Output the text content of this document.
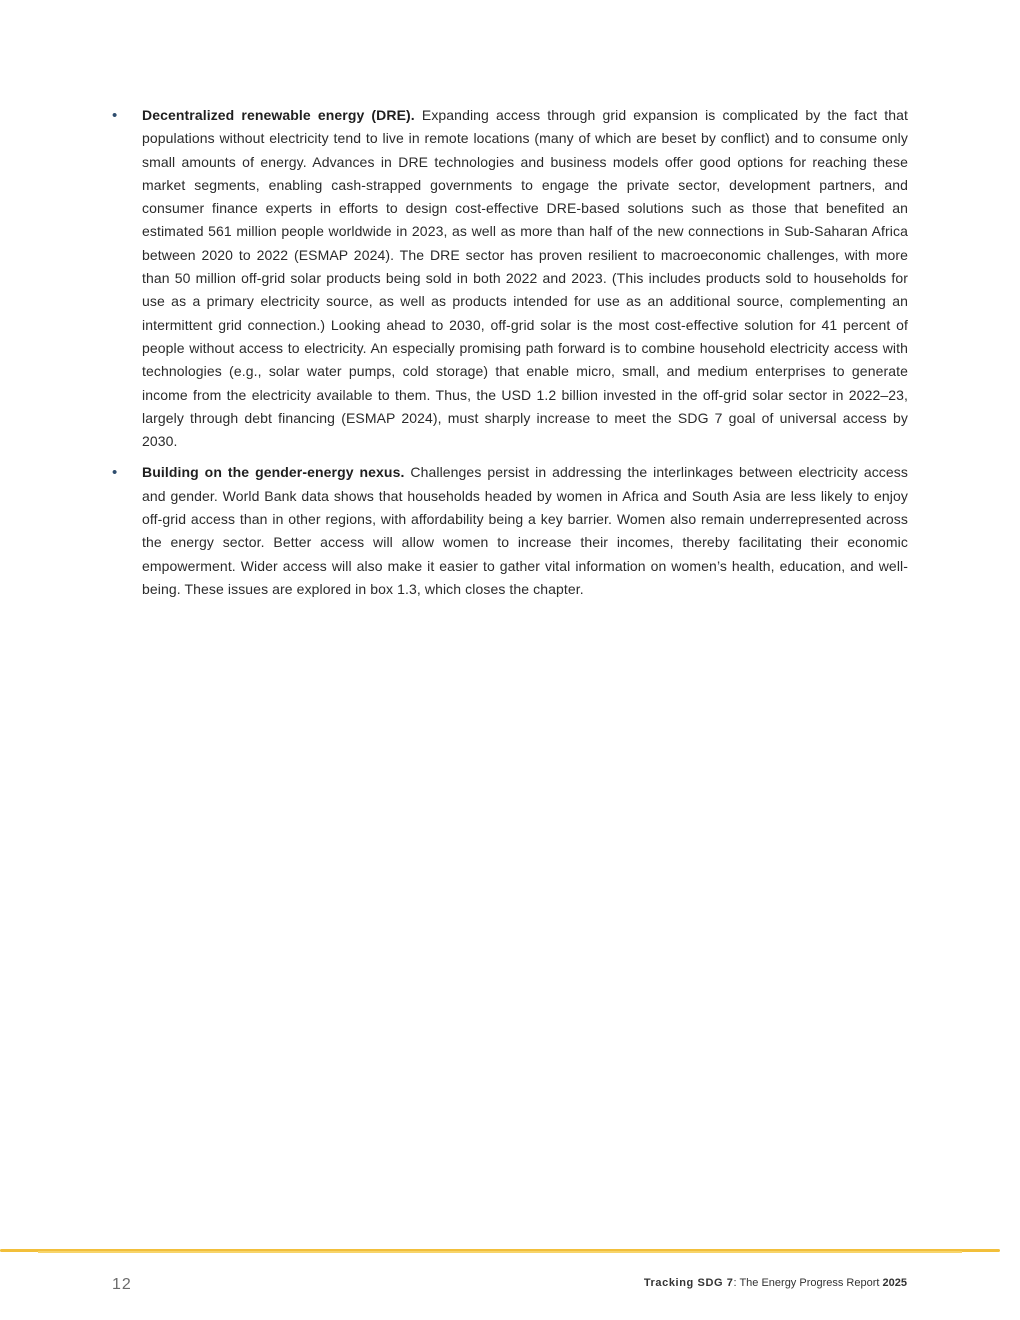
• Decentralized renewable energy (DRE). Expanding access through grid expansion is complicated by the fact that populations without electricity tend to live in remote locations (many of which are beset by conflict) and to consume only small amounts of energy. Advances in DRE technologies and business models offer good options for reaching these market segments, enabling cash-strapped governments to engage the private sector, development partners, and consumer finance experts in efforts to design cost-effective DRE-based solutions such as those that benefited an estimated 561 million people worldwide in 2023, as well as more than half of the new connections in Sub-Saharan Africa between 2020 to 2022 (ESMAP 2024). The DRE sector has proven resilient to macroeconomic challenges, with more than 50 million off-grid solar products being sold in both 2022 and 2023. (This includes products sold to households for use as a primary electricity source, as well as products intended for use as an additional source, complementing an intermittent grid connection.) Looking ahead to 2030, off-grid solar is the most cost-effective solution for 41 percent of people without access to electricity. An especially promising path forward is to combine household electricity access with technologies (e.g., solar water pumps, cold storage) that enable micro, small, and medium enterprises to generate income from the electricity available to them. Thus, the USD 1.2 billion invested in the off-grid solar sector in 2022–23, largely through debt financing (ESMAP 2024), must sharply increase to meet the SDG 7 goal of universal access by 2030.
• Building on the gender-energy nexus. Challenges persist in addressing the interlinkages between electricity access and gender. World Bank data shows that households headed by women in Africa and South Asia are less likely to enjoy off-grid access than in other regions, with affordability being a key barrier. Women also remain underrepresented across the energy sector. Better access will allow women to increase their incomes, thereby facilitating their economic empowerment. Wider access will also make it easier to gather vital information on women’s health, education, and well-being. These issues are explored in box 1.3, which closes the chapter.
12	Tracking SDG 7: The Energy Progress Report 2025
